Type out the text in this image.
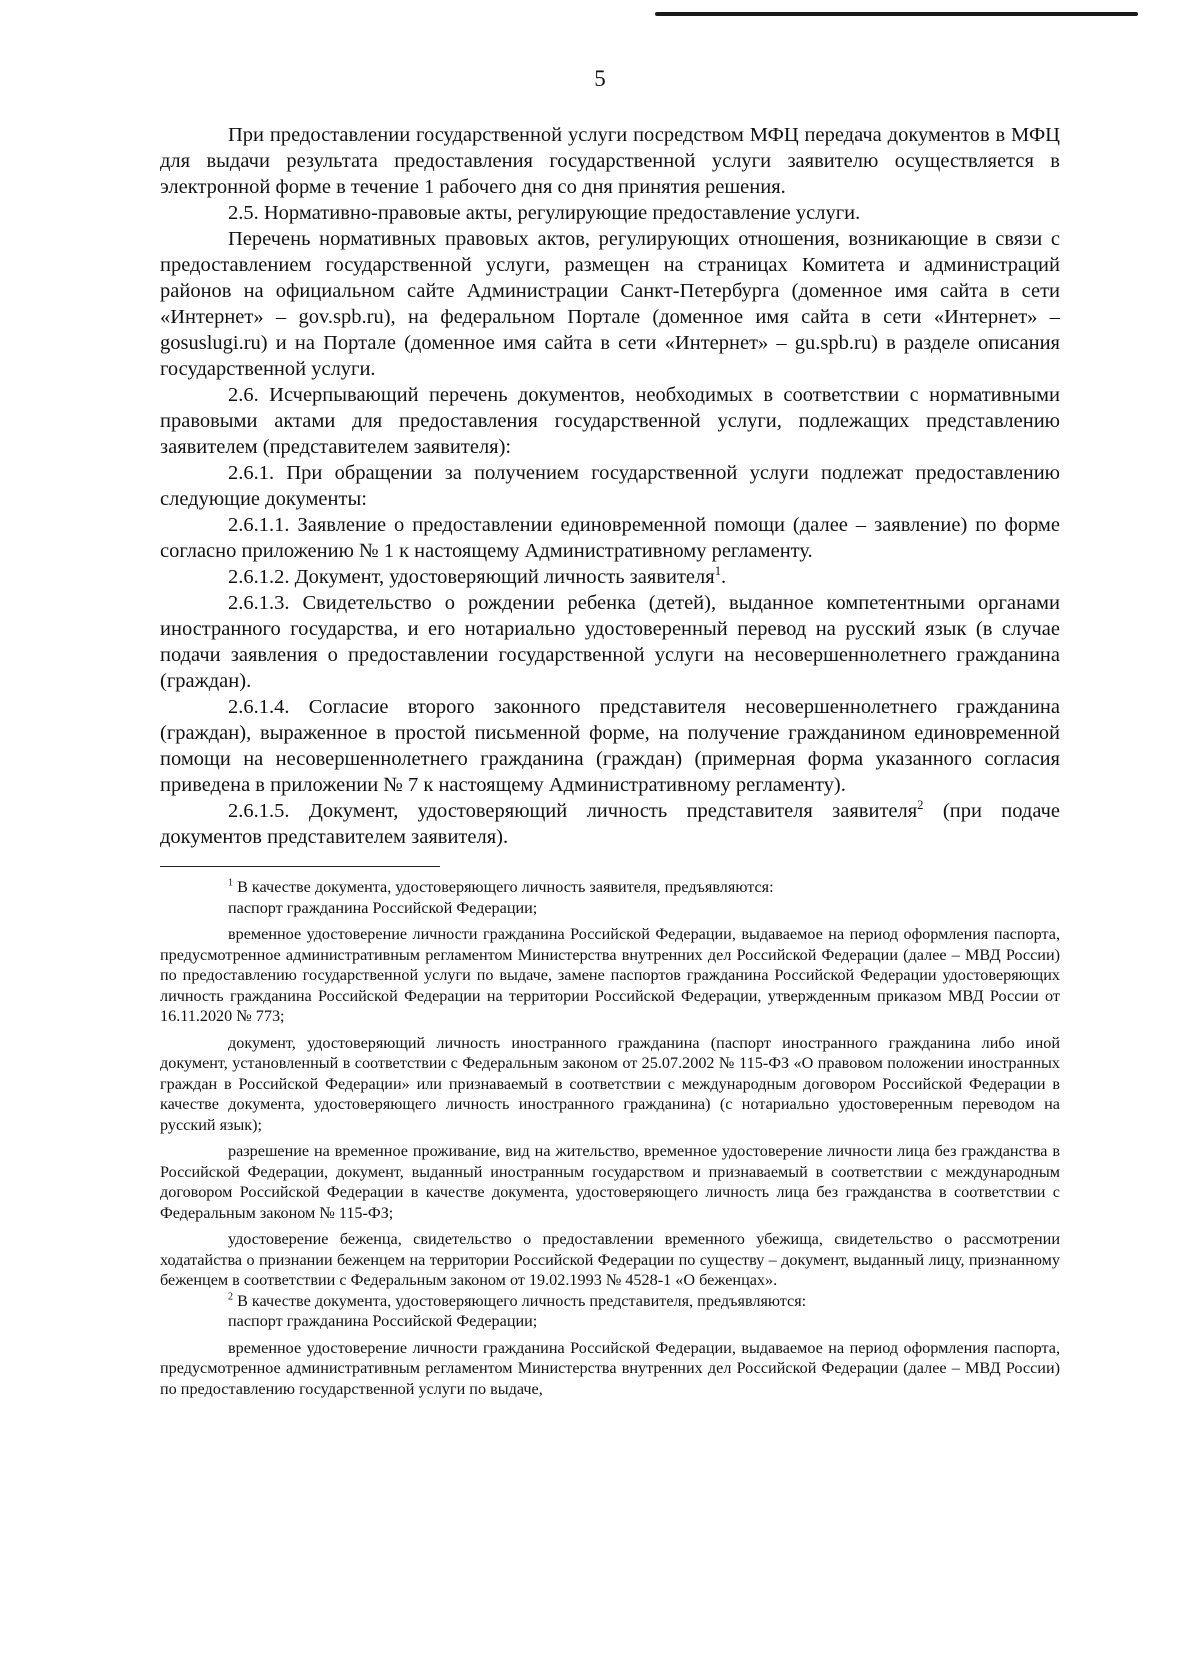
5

При предоставлении государственной услуги посредством МФЦ передача документов в МФЦ для выдачи результата предоставления государственной услуги заявителю осуществляется в электронной форме в течение 1 рабочего дня со дня принятия решения.

2.5. Нормативно-правовые акты, регулирующие предоставление услуги.

Перечень нормативных правовых актов, регулирующих отношения, возникающие в связи с предоставлением государственной услуги, размещен на страницах Комитета и администраций районов на официальном сайте Администрации Санкт-Петербурга (доменное имя сайта в сети «Интернет» – gov.spb.ru), на федеральном Портале (доменное имя сайта в сети «Интернет» – gosuslugi.ru) и на Портале (доменное имя сайта в сети «Интернет» – gu.spb.ru) в разделе описания государственной услуги.

2.6. Исчерпывающий перечень документов, необходимых в соответствии с нормативными правовыми актами для предоставления государственной услуги, подлежащих представлению заявителем (представителем заявителя):

2.6.1. При обращении за получением государственной услуги подлежат предоставлению следующие документы:

2.6.1.1. Заявление о предоставлении единовременной помощи (далее – заявление) по форме согласно приложению № 1 к настоящему Административному регламенту.

2.6.1.2. Документ, удостоверяющий личность заявителя$^1$.

2.6.1.3. Свидетельство о рождении ребенка (детей), выданное компетентными органами иностранного государства, и его нотариально удостоверенный перевод на русский язык (в случае подачи заявления о предоставлении государственной услуги на несовершеннолетнего гражданина (граждан).

2.6.1.4. Согласие второго законного представителя несовершеннолетнего гражданина (граждан), выраженное в простой письменной форме, на получение гражданином единовременной помощи на несовершеннолетнего гражданина (граждан) (примерная форма указанного согласия приведена в приложении № 7 к настоящему Административному регламенту).

2.6.1.5. Документ, удостоверяющий личность представителя заявителя$^2$ (при подаче документов представителем заявителя).

$^1$ В качестве документа, удостоверяющего личность заявителя, предъявляются:

паспорт гражданина Российской Федерации;

временное удостоверение личности гражданина Российской Федерации, выдаваемое на период оформления паспорта, предусмотренное административным регламентом Министерства внутренних дел Российской Федерации (далее – МВД России) по предоставлению государственной услуги по выдаче, замене паспортов гражданина Российской Федерации удостоверяющих личность гражданина Российской Федерации на территории Российской Федерации, утвержденным приказом МВД России от 16.11.2020 № 773;

документ, удостоверяющий личность иностранного гражданина (паспорт иностранного гражданина либо иной документ, установленный в соответствии с Федеральным законом от 25.07.2002 № 115-ФЗ «О правовом положении иностранных граждан в Российской Федерации» или признаваемый в соответствии с международным договором Российской Федерации в качестве документа, удостоверяющего личность иностранного гражданина) (с нотариально удостоверенным переводом на русский язык);

разрешение на временное проживание, вид на жительство, временное удостоверение личности лица без гражданства в Российской Федерации, документ, выданный иностранным государством и признаваемый в соответствии с международным договором Российской Федерации в качестве документа, удостоверяющего личность лица без гражданства в соответствии с Федеральным законом № 115-ФЗ;

удостоверение беженца, свидетельство о предоставлении временного убежища, свидетельство о рассмотрении ходатайства о признании беженцем на территории Российской Федерации по существу – документ, выданный лицу, признанному беженцем в соответствии с Федеральным законом от 19.02.1993 № 4528-1 «О беженцах».

$^2$ В качестве документа, удостоверяющего личность представителя, предъявляются:

паспорт гражданина Российской Федерации;

временное удостоверение личности гражданина Российской Федерации, выдаваемое на период оформления паспорта, предусмотренное административным регламентом Министерства внутренних дел Российской Федерации (далее – МВД России) по предоставлению государственной услуги по выдаче,
